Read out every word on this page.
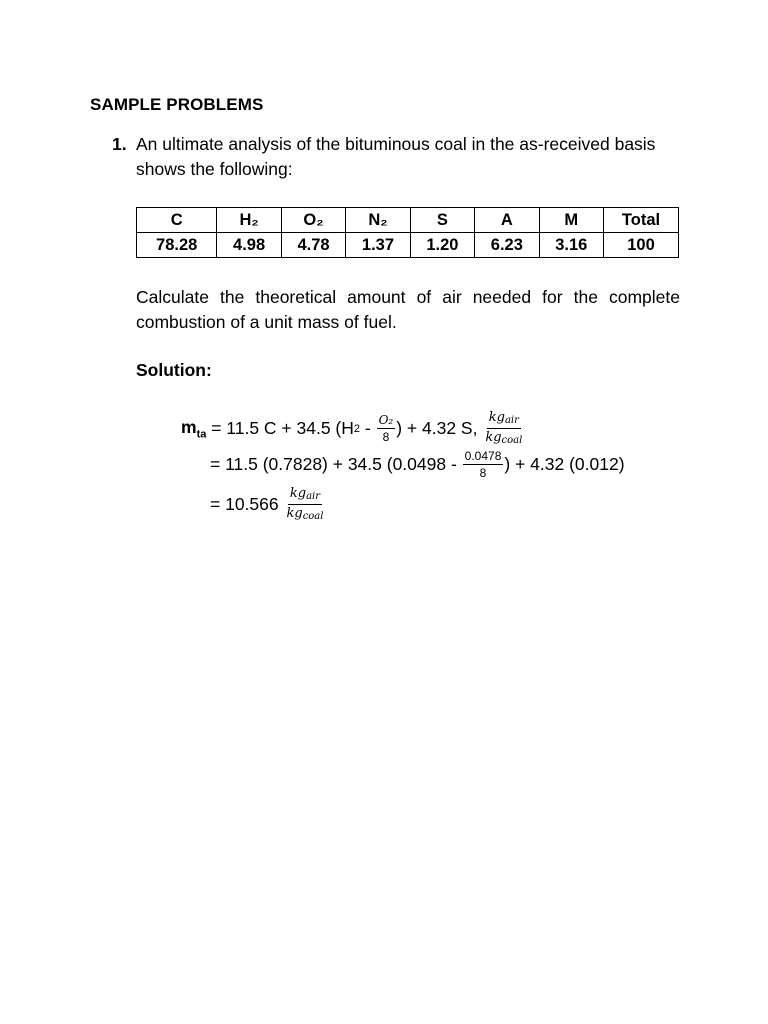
SAMPLE PROBLEMS
1. An ultimate analysis of the bituminous coal in the as-received basis shows the following:
C	H₂	O₂	N₂	S	A	M	Total
78.28	4.98	4.78	1.37	1.20	6.23	3.16	100
Calculate the theoretical amount of air needed for the complete combustion of a unit mass of fuel.
Solution:
$m_{ta} = 11.5$ C + 34.5 (H $2 - \frac{\text{O₂}}{8}$ ) + 4.32 S, $\frac{kg_{air}}{kg_{coal}}$
= 11.5 (0.7828) + 34.5 ($0.0498 - \frac{0.0478}{8}$ ) + 4.32 (0.012)
= $10.566 \frac{kg_{air}}{kg_{coal}}$
